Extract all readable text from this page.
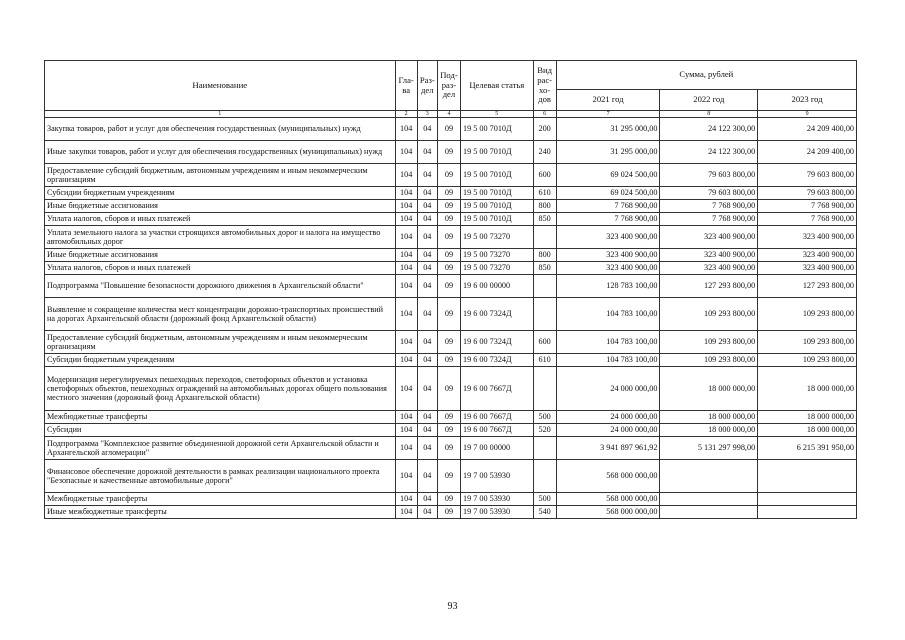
Наименование	Гла-ва	Раз-дел	Под-раз-дел	Целевая статья	Вид рас-хо-дов	Сумма, рублей		
						2021 год	2022 год	2023 год
1	2	3	4	5	6	7	8	9
Закупка товаров, работ и услуг для обеспечения государственных (муниципальных) нужд	104	04	09	19 5 00 7010Д	200	31 295 000,00	24 122 300,00	24 209 400,00
Иные закупки товаров, работ и услуг для обеспечения государственных (муниципальных) нужд	104	04	09	19 5 00 7010Д	240	31 295 000,00	24 122 300,00	24 209 400,00
Предоставление субсидий бюджетным, автономным учреждениям и иным некоммерческим организациям	104	04	09	19 5 00 7010Д	600	69 024 500,00	79 603 800,00	79 603 800,00
Субсидии бюджетным учреждениям	104	04	09	19 5 00 7010Д	610	69 024 500,00	79 603 800,00	79 603 800,00
Иные бюджетные ассигнования	104	04	09	19 5 00 7010Д	800	7 768 900,00	7 768 900,00	7 768 900,00
Уплата налогов, сборов и иных платежей	104	04	09	19 5 00 7010Д	850	7 768 900,00	7 768 900,00	7 768 900,00
Уплата земельного налога за участки строящихся автомобильных дорог и налога на имущество автомобильных дорог	104	04	09	19 5 00 73270		323 400 900,00	323 400 900,00	323 400 900,00
Иные бюджетные ассигнования	104	04	09	19 5 00 73270	800	323 400 900,00	323 400 900,00	323 400 900,00
Уплата налогов, сборов и иных платежей	104	04	09	19 5 00 73270	850	323 400 900,00	323 400 900,00	323 400 900,00
Подпрограмма "Повышение безопасности дорожного движения в Архангельской области"	104	04	09	19 6 00 00000		128 783 100,00	127 293 800,00	127 293 800,00
Выявление и сокращение количества мест концентрации дорожно-транспортных происшествий на дорогах Архангельской области (дорожный фонд Архангельской области)	104	04	09	19 6 00 7324Д		104 783 100,00	109 293 800,00	109 293 800,00
Предоставление субсидий бюджетным, автономным учреждениям и иным некоммерческим организациям	104	04	09	19 6 00 7324Д	600	104 783 100,00	109 293 800,00	109 293 800,00
Субсидии бюджетным учреждениям	104	04	09	19 6 00 7324Д	610	104 783 100,00	109 293 800,00	109 293 800,00
Модернизация нерегулируемых пешеходных переходов, светофорных объектов и установка светофорных объектов, пешеходных ограждений на автомобильных дорогах общего пользования местного значения (дорожный фонд Архангельской области)	104	04	09	19 6 00 7667Д		24 000 000,00	18 000 000,00	18 000 000,00
Межбюджетные трансферты	104	04	09	19 6 00 7667Д	500	24 000 000,00	18 000 000,00	18 000 000,00
Субсидии	104	04	09	19 6 00 7667Д	520	24 000 000,00	18 000 000,00	18 000 000,00
Подпрограмма "Комплексное развитие объединенной дорожной сети Архангельской области и Архангельской агломерации"	104	04	09	19 7 00 00000		3 941 897 961,92	5 131 297 998,00	6 215 391 950,00
Финансовое обеспечение дорожной деятельности в рамках реализации национального проекта "Безопасные и качественные автомобильные дороги"	104	04	09	19 7 00 53930		568 000 000,00		
Межбюджетные трансферты	104	04	09	19 7 00 53930	500	568 000 000,00		
Иные межбюджетные трансферты	104	04	09	19 7 00 53930	540	568 000 000,00		
93
